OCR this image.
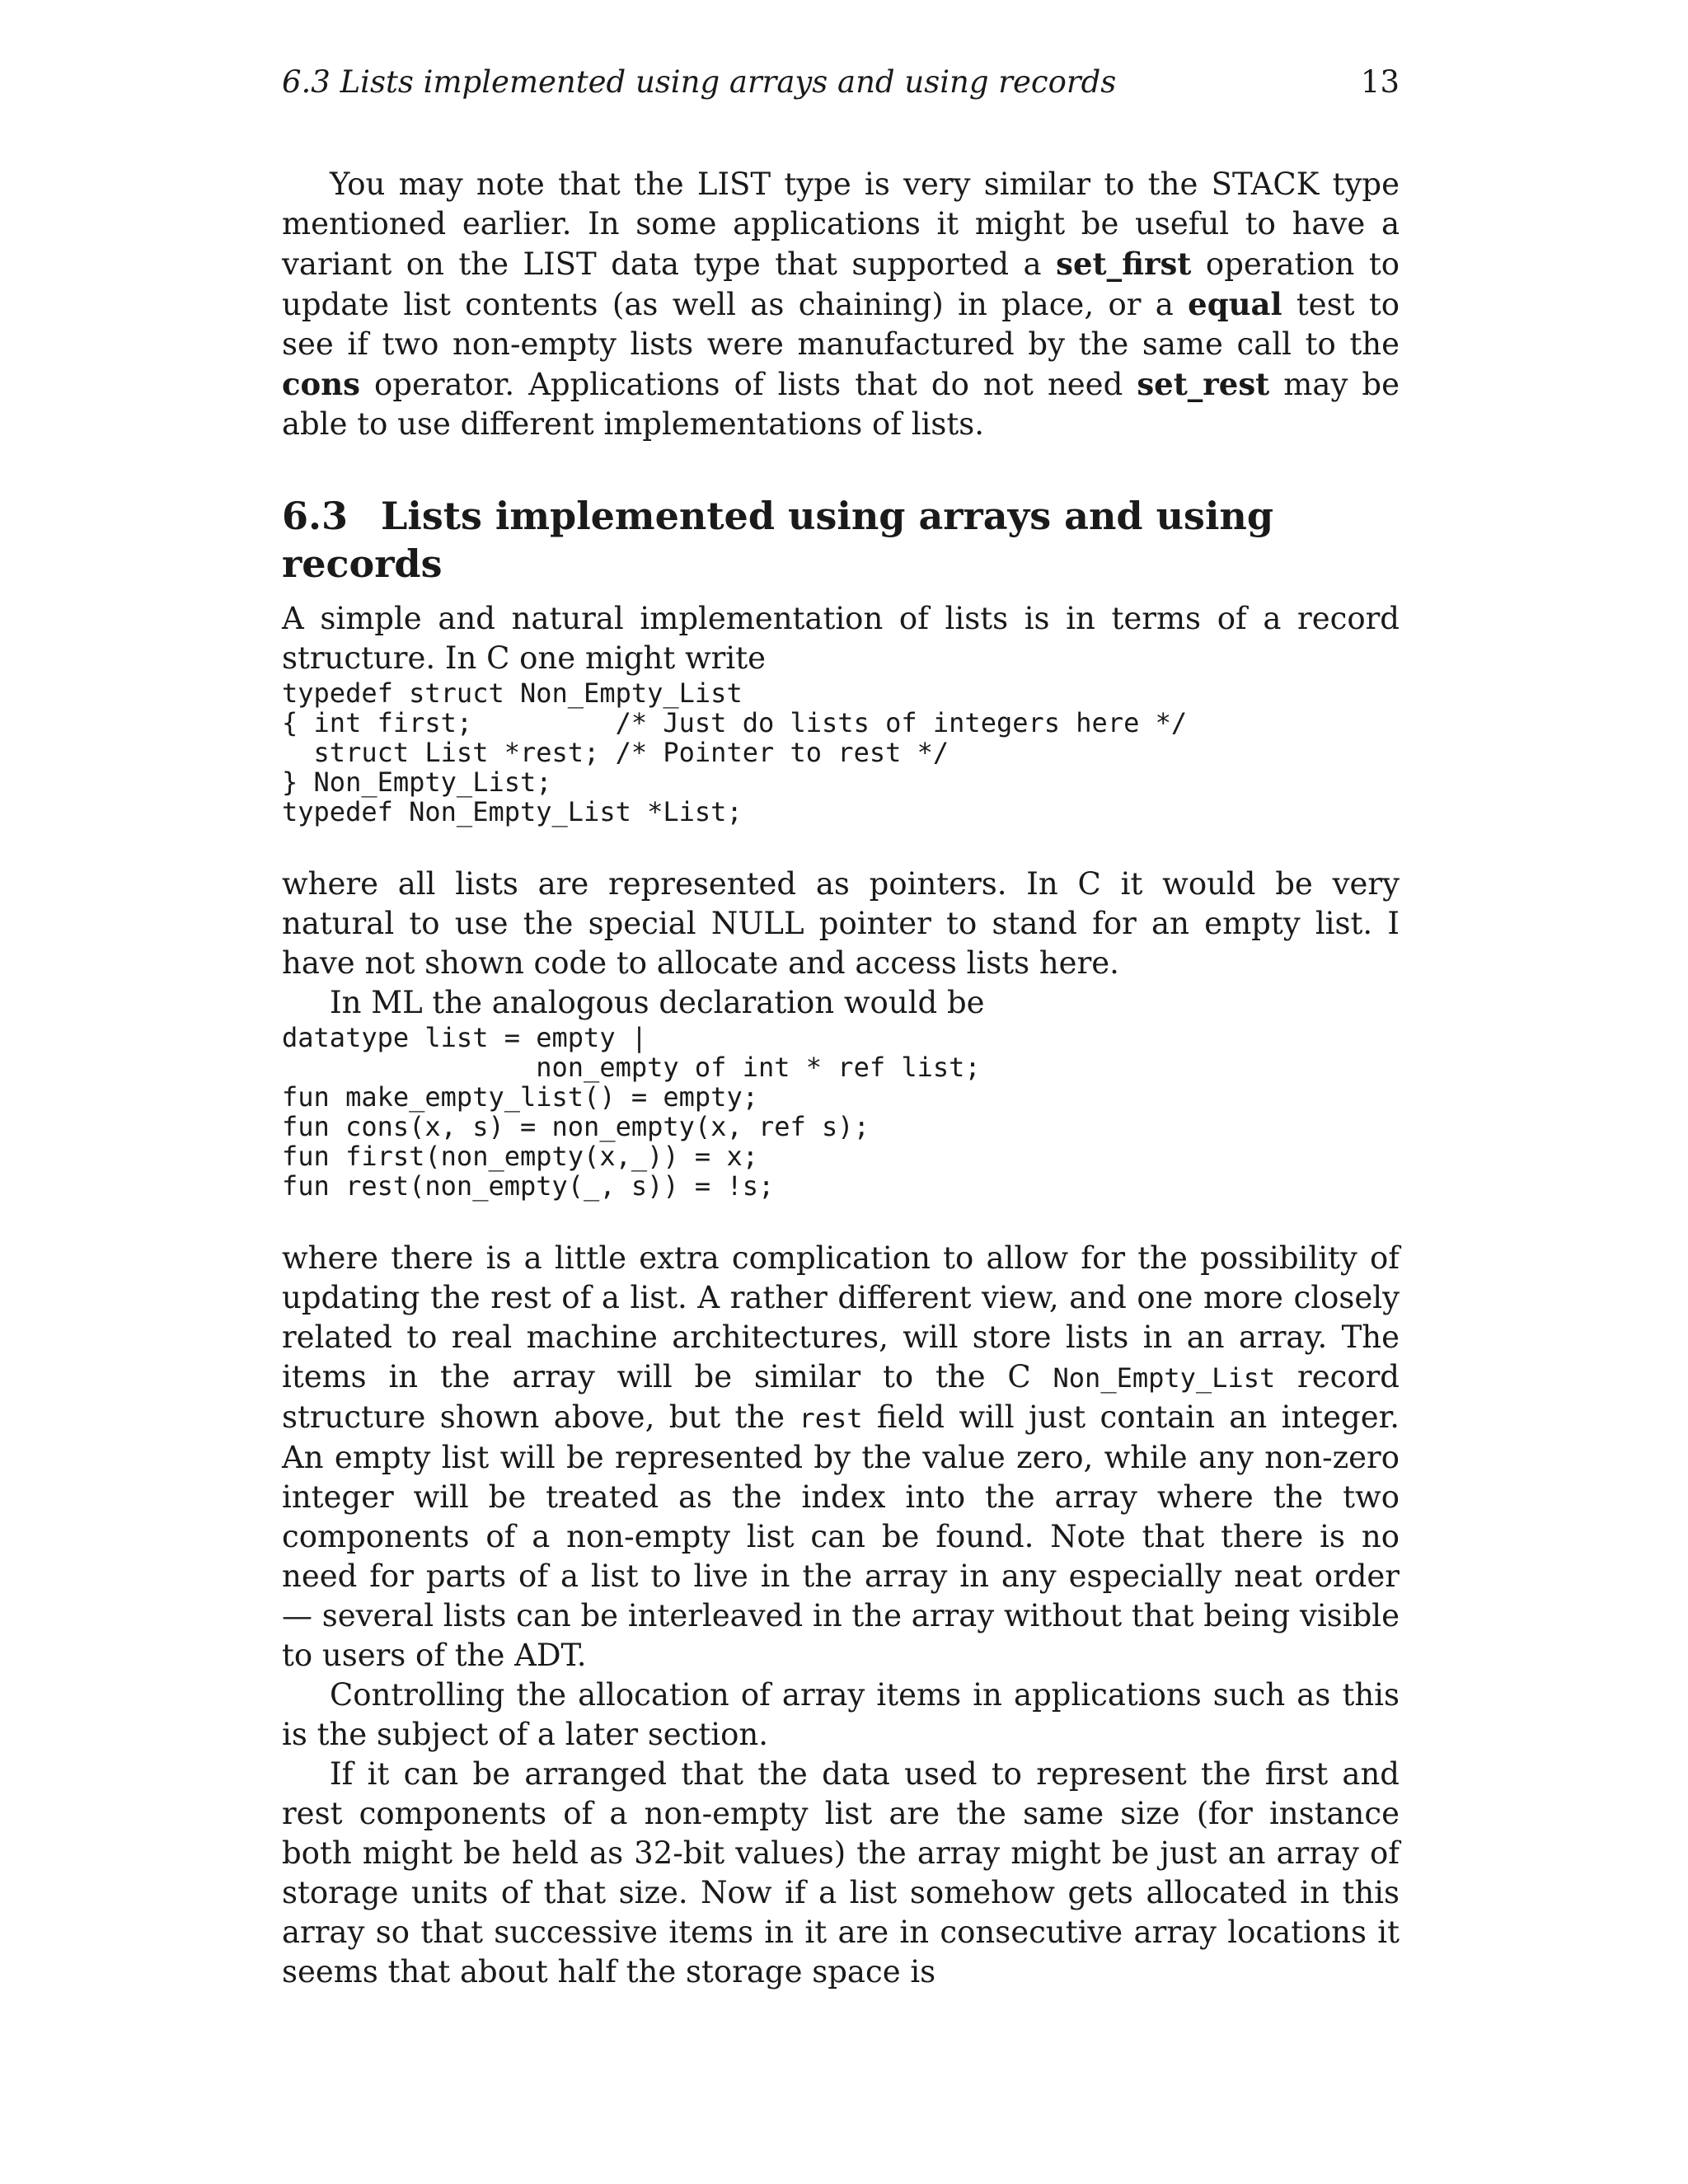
6.3 Lists implemented using arrays and using records	13

You may note that the LIST type is very similar to the STACK type mentioned earlier. In some applications it might be useful to have a variant on the LIST data type that supported a set_first operation to update list contents (as well as chaining) in place, or a equal test to see if two non-empty lists were manufactured by the same call to the cons operator. Applications of lists that do not need set_rest may be able to use different implementations of lists.

6.3 Lists implemented using arrays and using records

A simple and natural implementation of lists is in terms of a record structure. In C one might write

typedef struct Non_Empty_List
{ int first;         /* Just do lists of integers here */
struct List *rest; /* Pointer to rest */
} Non_Empty_List;
typedef Non_Empty_List *List;

where all lists are represented as pointers. In C it would be very natural to use the special NULL pointer to stand for an empty list. I have not shown code to allocate and access lists here.

In ML the analogous declaration would be

datatype list = empty |
non_empty of int * ref list;
fun make_empty_list() = empty;
fun cons(x, s) = non_empty(x, ref s);
fun first(non_empty(x,_)) = x;
fun rest(non_empty(_, s)) = !s;

where there is a little extra complication to allow for the possibility of updating the rest of a list. A rather different view, and one more closely related to real machine architectures, will store lists in an array. The items in the array will be similar to the C Non_Empty_List record structure shown above, but the rest field will just contain an integer. An empty list will be represented by the value zero, while any non-zero integer will be treated as the index into the array where the two components of a non-empty list can be found. Note that there is no need for parts of a list to live in the array in any especially neat order — several lists can be interleaved in the array without that being visible to users of the ADT.

Controlling the allocation of array items in applications such as this is the subject of a later section.

If it can be arranged that the data used to represent the first and rest components of a non-empty list are the same size (for instance both might be held as 32-bit values) the array might be just an array of storage units of that size. Now if a list somehow gets allocated in this array so that successive items in it are in consecutive array locations it seems that about half the storage space is
